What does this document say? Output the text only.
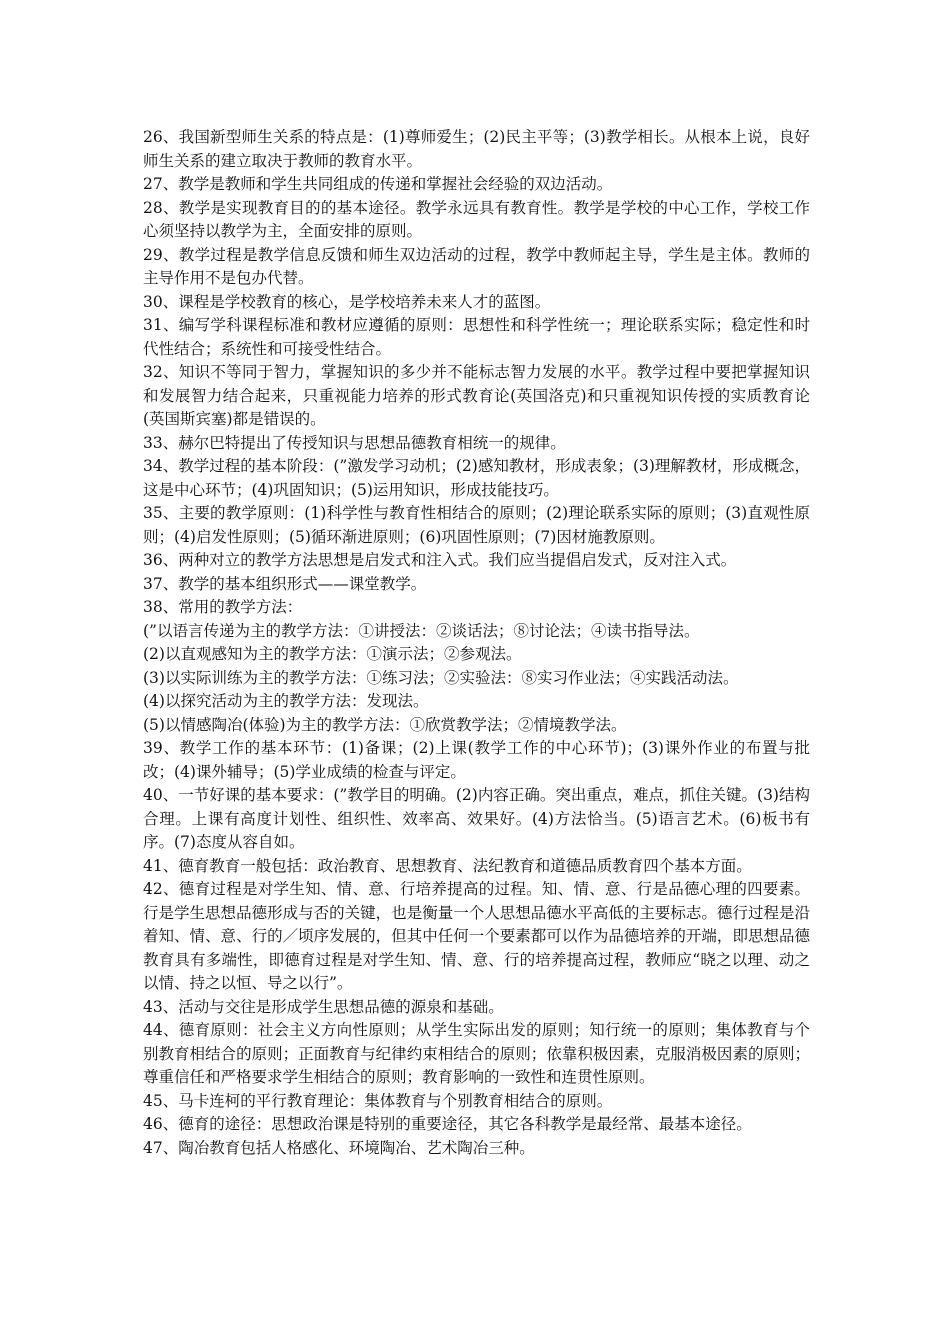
26、我国新型师生关系的特点是：(1)尊师爱生；(2)民主平等；(3)教学相长。从根本上说，良好师生关系的建立取决于教师的教育水平。

27、教学是教师和学生共同组成的传递和掌握社会经验的双边活动。

28、教学是实现教育目的的基本途径。教学永远具有教育性。教学是学校的中心工作，学校工作心须坚持以教学为主，全面安排的原则。

29、教学过程是教学信息反馈和师生双边活动的过程，教学中教师起主导，学生是主体。教师的主导作用不是包办代替。

30、课程是学校教育的核心，是学校培养未来人才的蓝图。

31、编写学科课程标准和教材应遵循的原则：思想性和科学性统一；理论联系实际；稳定性和时代性结合；系统性和可接受性结合。

32、知识不等同于智力，掌握知识的多少并不能标志智力发展的水平。教学过程中要把掌握知识和发展智力结合起来，只重视能力培养的形式教育论(英国洛克)和只重视知识传授的实质教育论(英国斯宾塞)都是错误的。

33、赫尔巴特提出了传授知识与思想品德教育相统一的规律。

34、教学过程的基本阶段：(”激发学习动机；(2)感知教材，形成表象；(3)理解教材，形成概念，这是中心环节；(4)巩固知识；(5)运用知识，形成技能技巧。

35、主要的教学原则：(1)科学性与教育性相结合的原则；(2)理论联系实际的原则；(3)直观性原则；(4)启发性原则；(5)循环渐进原则；(6)巩固性原则；(7)因材施教原则。

36、两种对立的教学方法思想是启发式和注入式。我们应当提倡启发式，反对注入式。

37、教学的基本组织形式——课堂教学。

38、常用的教学方法：

(”以语言传递为主的教学方法：①讲授法：②谈话法；⑧讨论法；④读书指导法。

(2)以直观感知为主的教学方法：①演示法；②参观法。

(3)以实际训练为主的教学方法：①练习法；②实验法：⑧实习作业法；④实践活动法。

(4)以探究活动为主的教学方法：发现法。

(5)以情感陶冶(体验)为主的教学方法：①欣赏教学法；②情境教学法。

39、教学工作的基本环节：(1)备课；(2)上课(教学工作的中心环节)；(3)课外作业的布置与批改；(4)课外辅导；(5)学业成绩的检查与评定。

40、一节好课的基本要求：(”教学目的明确。(2)内容正确。突出重点，难点，抓住关键。(3)结构合理。上课有高度计划性、组织性、效率高、效果好。(4)方法恰当。(5)语言艺术。(6)板书有序。(7)态度从容自如。

41、德育教育一般包括：政治教育、思想教育、法纪教育和道德品质教育四个基本方面。

42、德育过程是对学生知、情、意、行培养提高的过程。知、情、意、行是品德心理的四要素。行是学生思想品德形成与否的关键，也是衡量一个人思想品德水平高低的主要标志。德行过程是沿着知、情、意、行的／顷序发展的，但其中任何一个要素都可以作为品德培养的开端，即思想品德教育具有多端性，即德育过程是对学生知、情、意、行的培养提高过程，教师应“晓之以理、动之以情、持之以恒、导之以行”。

43、活动与交往是形成学生思想品德的源泉和基础。

44、德育原则：社会主义方向性原则；从学生实际出发的原则；知行统一的原则；集体教育与个别教育相结合的原则；正面教育与纪律约束相结合的原则；依靠积极因素，克服消极因素的原则；尊重信任和严格要求学生相结合的原则；教育影响的一致性和连贯性原则。

45、马卡连柯的平行教育理论：集体教育与个别教育相结合的原则。

46、德育的途径：思想政治课是特别的重要途径，其它各科教学是最经常、最基本途径。

47、陶冶教育包括人格感化、环境陶冶、艺术陶冶三种。
